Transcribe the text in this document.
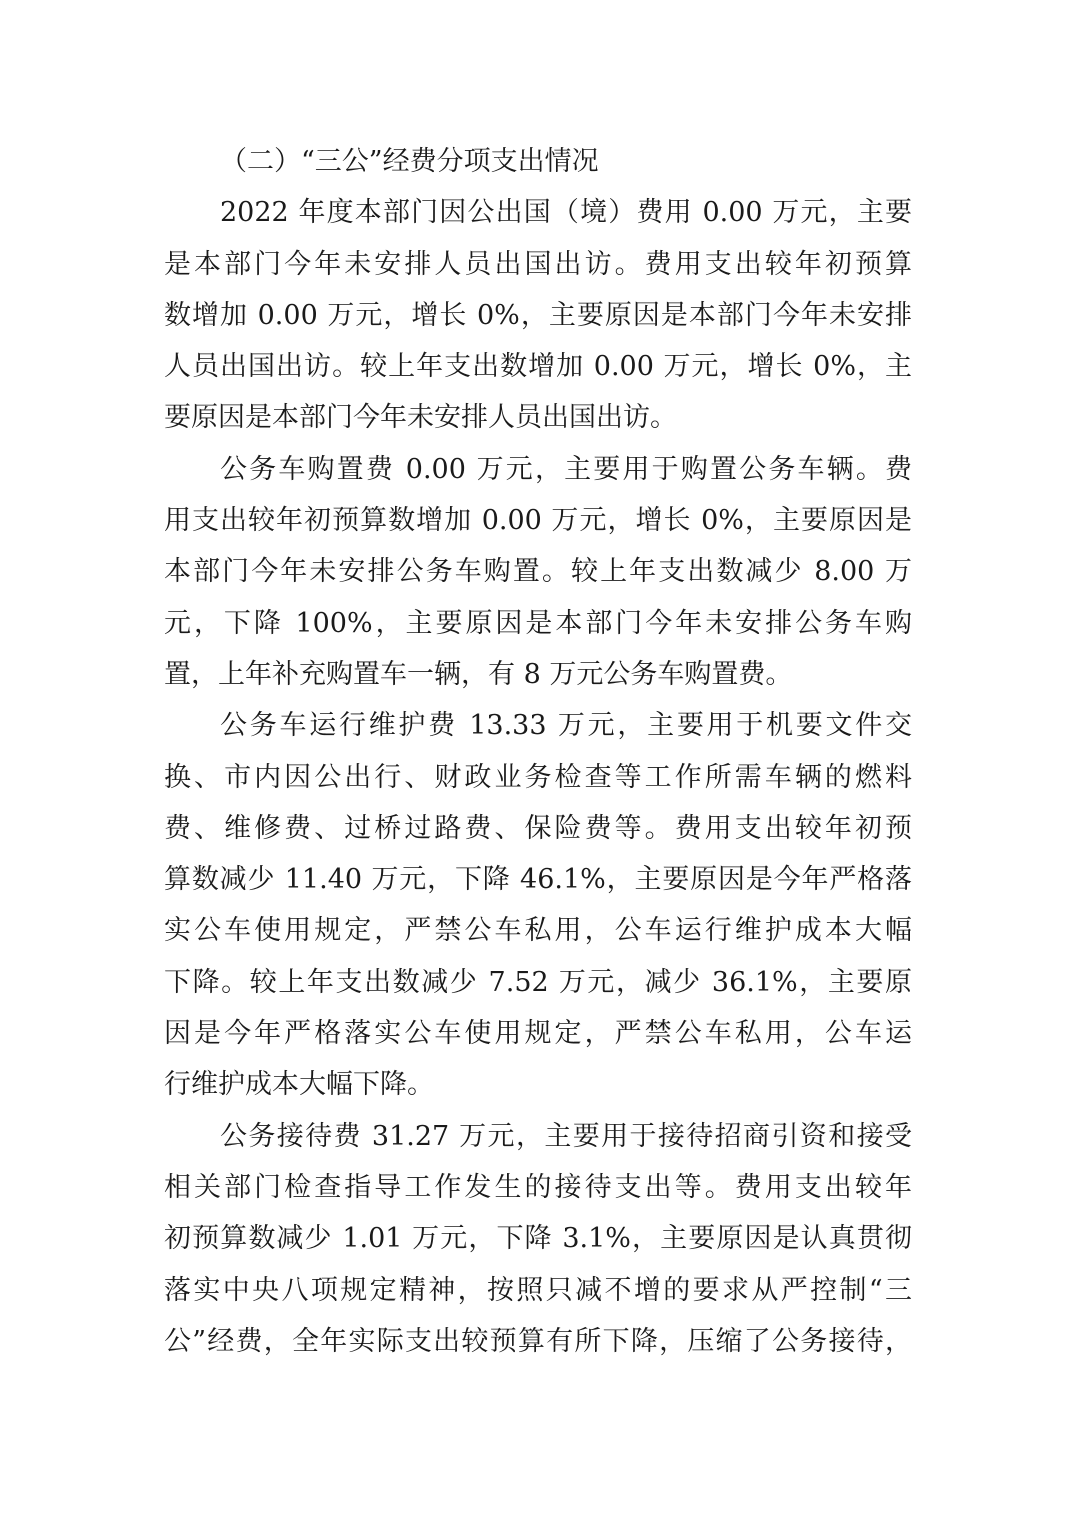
（二）“三公”经费分项支出情况
2022 年度本部门因公出国（境）费用 0.00 万元，主要
是本部门今年未安排人员出国出访。费用支出较年初预算
数增加 0.00 万元，增长 0%，主要原因是本部门今年未安排
人员出国出访。较上年支出数增加 0.00 万元，增长 0%，主
要原因是本部门今年未安排人员出国出访。
公务车购置费 0.00 万元，主要用于购置公务车辆。费
用支出较年初预算数增加 0.00 万元，增长 0%，主要原因是
本部门今年未安排公务车购置。较上年支出数减少 8.00 万
元，下降 100%，主要原因是本部门今年未安排公务车购
置，上年补充购置车一辆，有 8 万元公务车购置费。
公务车运行维护费 13.33 万元，主要用于机要文件交
换、市内因公出行、财政业务检查等工作所需车辆的燃料
费、维修费、过桥过路费、保险费等。费用支出较年初预
算数减少 11.40 万元，下降 46.1%，主要原因是今年严格落
实公车使用规定，严禁公车私用，公车运行维护成本大幅
下降。较上年支出数减少 7.52 万元，减少 36.1%，主要原
因是今年严格落实公车使用规定，严禁公车私用，公车运
行维护成本大幅下降。
公务接待费 31.27 万元，主要用于接待招商引资和接受
相关部门检查指导工作发生的接待支出等。费用支出较年
初预算数减少 1.01 万元，下降 3.1%，主要原因是认真贯彻
落实中央八项规定精神，按照只减不增的要求从严控制“三
公”经费，全年实际支出较预算有所下降，压缩了公务接待，
